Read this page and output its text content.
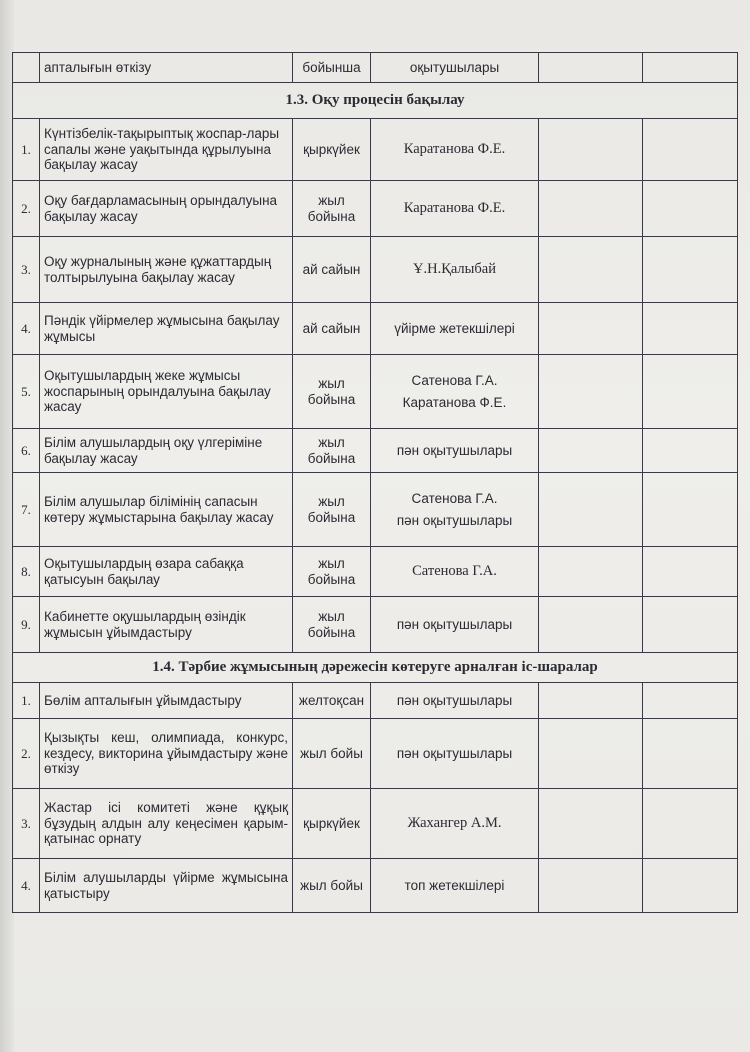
	апталығын өткізу	бойынша	оқытушылары		
1.3. Оқу процесін бақылау					
1.	Күнтізбелік-тақырыптық жоспар-лары сапалы және уақытында құрылуына бақылау жасау	қыркүйек	Каратанова Ф.Е.		

2.	Оқу бағдарламасының орындалуына бақылау жасау	жыл бойына	Каратанова Ф.Е.		

3.	Оқу журналының және құжаттардың толтырылуына бақылау жасау	ай сайын	Ұ.Н.Қалыбай		

4.	Пәндік үйірмелер жұмысына бақылау жұмысы	ай сайын	үйірме жетекшілері		

5.	Оқытушылардың жеке жұмысы жоспарының орындалуына бақылау жасау	жыл бойына	Сатенова Г.А.
Каратанова Ф.Е.		

6.	Білім алушылардың оқу үлгеріміне бақылау жасау	жыл бойына	пән оқытушылары		

7.	Білім алушылар білімінің сапасын көтеру жұмыстарына бақылау жасау	жыл бойына	Сатенова Г.А.
пән оқытушылары		

8.	Оқытушылардың өзара сабаққа қатысуын бақылау	жыл бойына	Сатенова Г.А.		

9.	Кабинетте оқушылардың өзіндік жұмысын ұйымдастыру	жыл бойына	пән оқытушылары		

1.4. Тәрбие жұмысының дәрежесін көтеруге арналған іс-шаралар					
1.	Бөлім апталығын ұйымдастыру	желтоқсан	пән оқытушылары		

2.	Қызықты кеш, олимпиада, конкурс, кездесу, викторина ұйымдастыру және өткізу	жыл бойы	пән оқытушылары		

3.	Жастар ісі комитеті және құқық бұзудың алдын алу кеңесімен қарым-қатынас орнату	қыркүйек	Жахангер А.М.		

4.	Білім алушыларды үйірме жұмысына қатыстыру	жыл бойы	топ жетекшілері		
